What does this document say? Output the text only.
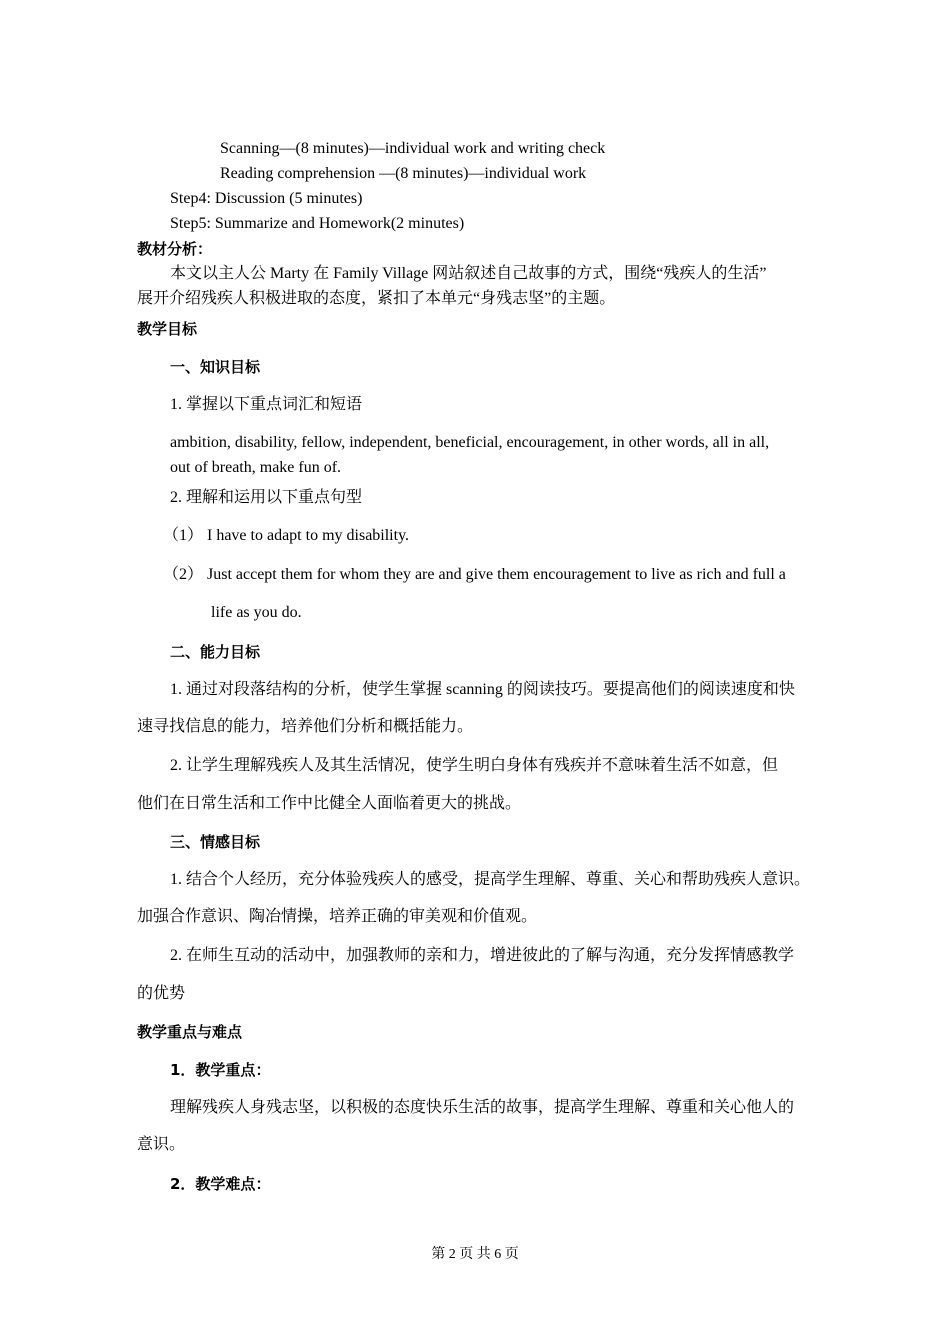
Scanning—(8 minutes)—individual work and writing check
Reading comprehension —(8 minutes)—individual work
Step4: Discussion (5 minutes)
Step5: Summarize and Homework(2 minutes)
教材分析：
本文以主人公 Marty 在 Family Village 网站叙述自己故事的方式，围绕“残疾人的生活”
展开介绍残疾人积极进取的态度，紧扣了本单元“身残志坚”的主题。
教学目标
一、知识目标
1. 掌握以下重点词汇和短语
ambition, disability, fellow, independent, beneficial, encouragement, in other words, all in all,
out of breath, make fun of.
2. 理解和运用以下重点句型
（1） I have to adapt to my disability.
（2） Just accept them for whom they are and give them encouragement to live as rich and full a
life as you do.
二、能力目标
1. 通过对段落结构的分析，使学生掌握 scanning 的阅读技巧。要提高他们的阅读速度和快
速寻找信息的能力，培养他们分析和概括能力。
2. 让学生理解残疾人及其生活情况，使学生明白身体有残疾并不意味着生活不如意，但
他们在日常生活和工作中比健全人面临着更大的挑战。
三、情感目标
1. 结合个人经历，充分体验残疾人的感受，提高学生理解、尊重、关心和帮助残疾人意识。
加强合作意识、陶冶情操，培养正确的审美观和价值观。
2. 在师生互动的活动中，加强教师的亲和力，增进彼此的了解与沟通，充分发挥情感教学
的优势
教学重点与难点
1．教学重点：
理解残疾人身残志坚，以积极的态度快乐生活的故事，提高学生理解、尊重和关心他人的
意识。
2．教学难点：
第 2 页 共 6 页
